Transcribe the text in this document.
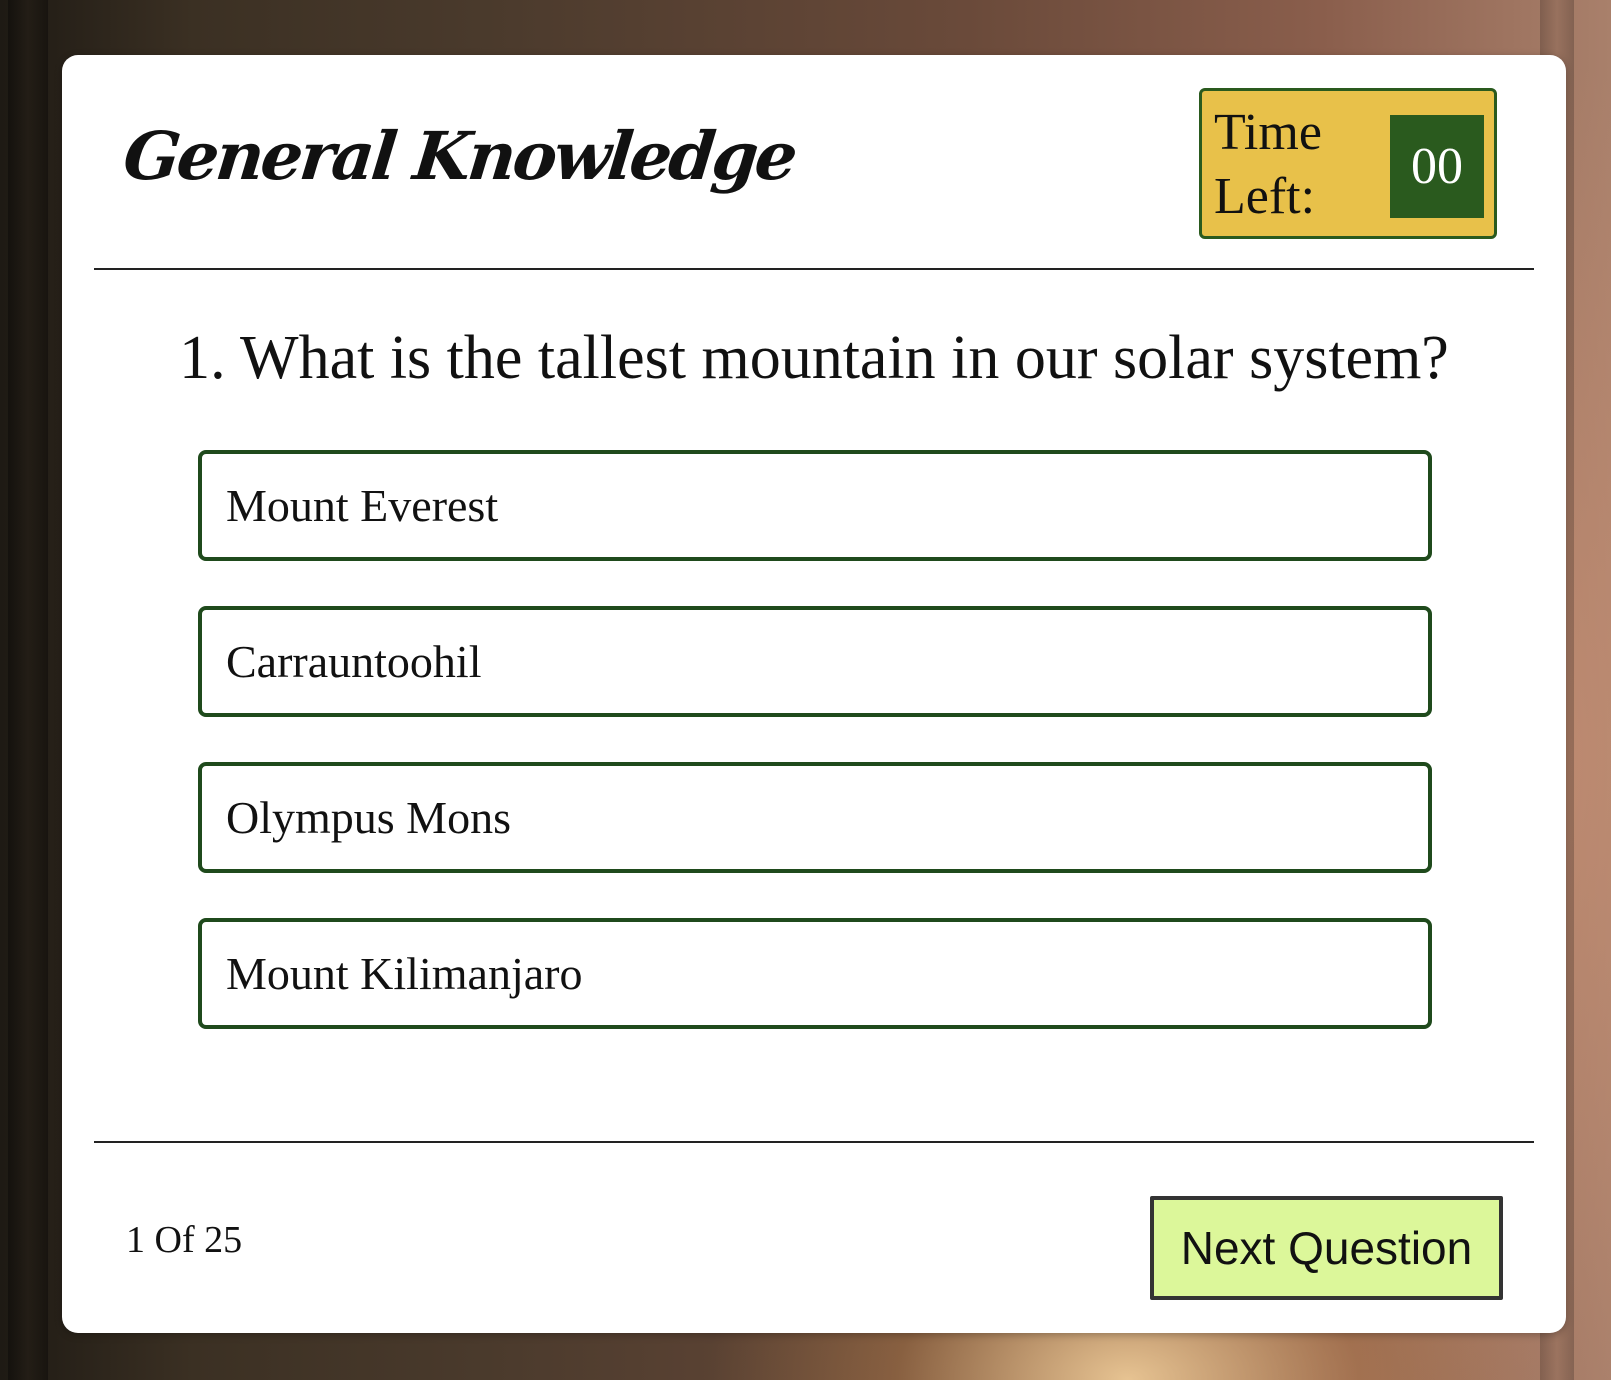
General Knowledge	Time Left:
00
1. What is the tallest mountain in our solar system?
Mount Everest
Carrauntoohil
Olympus Mons
Mount Kilimanjaro
1 Of 25	Next Question
